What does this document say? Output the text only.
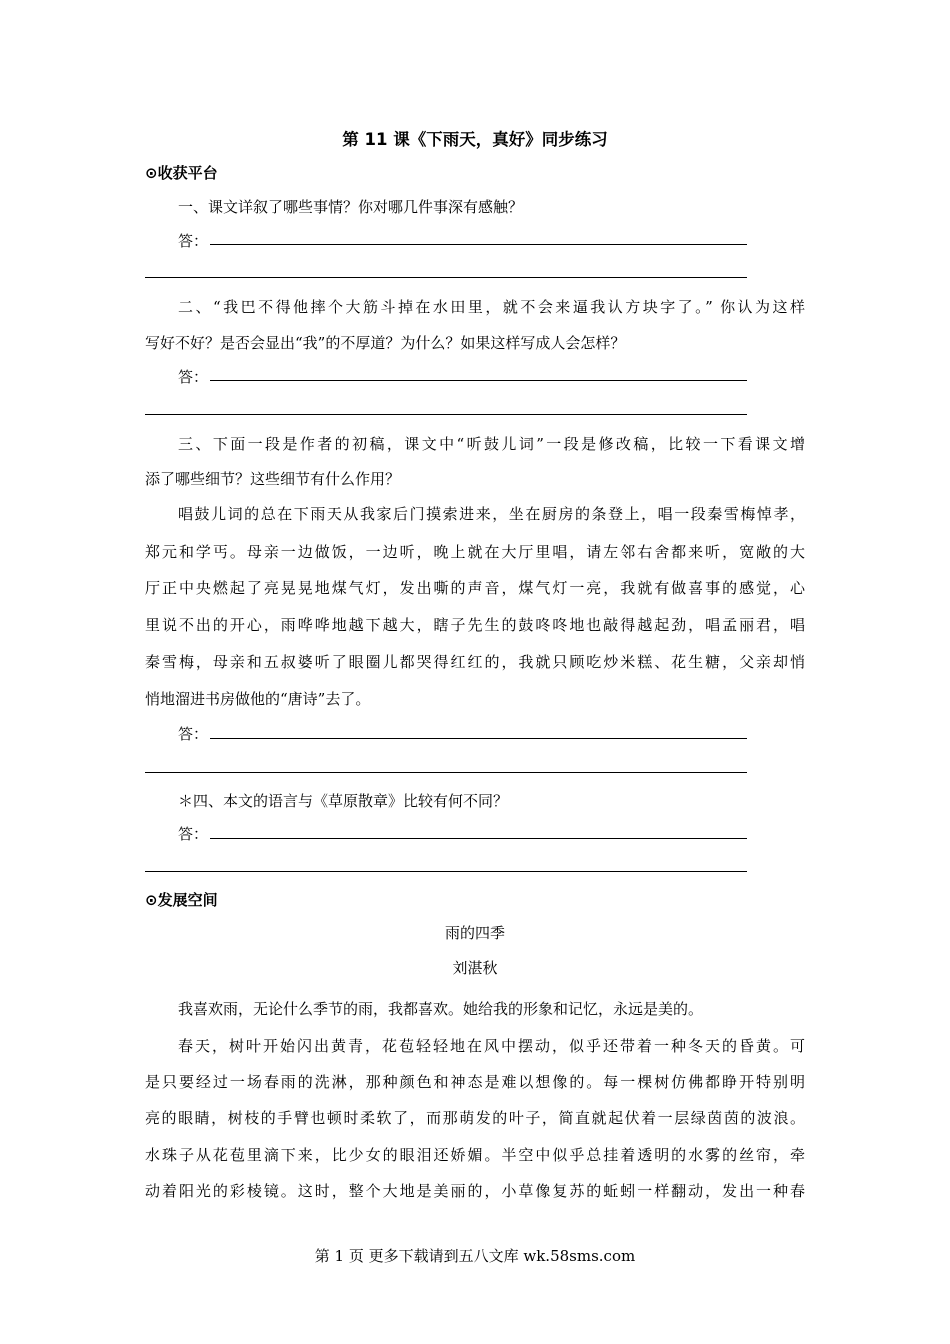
第 11 课《下雨天，真好》同步练习
⊙收获平台
一、课文详叙了哪些事情？你对哪几件事深有感触？
答：
二、“我巴不得他摔个大筋斗掉在水田里，就不会来逼我认方块字了。” 你认为这样
写好不好？是否会显出“我”的不厚道？为什么？如果这样写成人会怎样？
答：
三、下面一段是作者的初稿，课文中“听鼓儿词”一段是修改稿，比较一下看课文增
添了哪些细节？这些细节有什么作用？
唱鼓儿词的总在下雨天从我家后门摸索进来，坐在厨房的条登上，唱一段秦雪梅悼孝，
郑元和学丐。母亲一边做饭，一边听，晚上就在大厅里唱，请左邻右舍都来听，宽敞的大
厅正中央燃起了亮晃晃地煤气灯，发出嘶的声音，煤气灯一亮，我就有做喜事的感觉，心
里说不出的开心，雨哗哗地越下越大，瞎子先生的鼓咚咚地也敲得越起劲，唱孟丽君，唱
秦雪梅，母亲和五叔婆听了眼圈儿都哭得红红的，我就只顾吃炒米糕、花生糖，父亲却悄
悄地溜进书房做他的“唐诗”去了。
答：
＊四、本文的语言与《草原散章》比较有何不同？
答：
⊙发展空间
雨的四季
刘湛秋
我喜欢雨，无论什么季节的雨，我都喜欢。她给我的形象和记忆，永远是美的。
春天，树叶开始闪出黄青，花苞轻轻地在风中摆动，似乎还带着一种冬天的昏黄。可
是只要经过一场春雨的洗淋，那种颜色和神态是难以想像的。每一棵树仿佛都睁开特别明
亮的眼睛，树枝的手臂也顿时柔软了，而那萌发的叶子，简直就起伏着一层绿茵茵的波浪。
水珠子从花苞里滴下来，比少女的眼泪还娇媚。半空中似乎总挂着透明的水雾的丝帘，牵
动着阳光的彩棱镜。这时，整个大地是美丽的，小草像复苏的蚯蚓一样翻动，发出一种春
第 1 页 更多下载请到五八文库 wk.58sms.com
